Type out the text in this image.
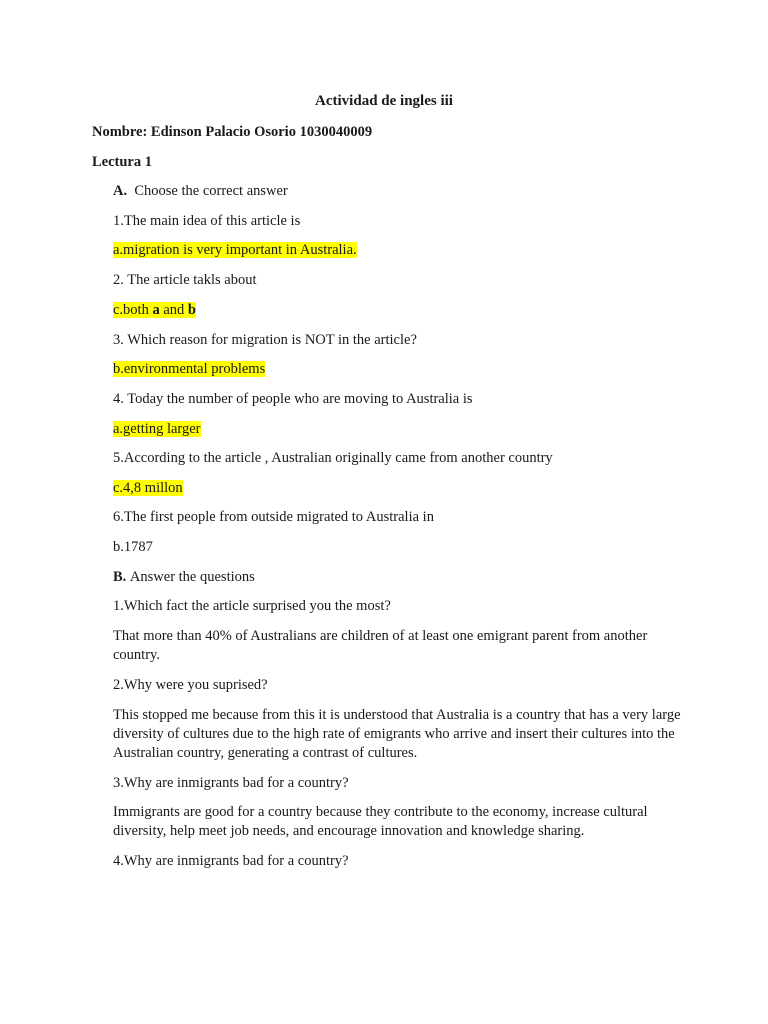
Actividad de ingles iii
Nombre: Edinson Palacio Osorio 1030040009
Lectura 1
A. Choose the correct answer
1.The main idea of this article is
a.migration is very important in Australia.
2. The article takls about
c.both a and b
3. Which reason for migration is NOT in the article?
b.environmental problems
4. Today the number of people who are moving to Australia is
a.getting larger
5.According to the article , Australian originally came from another country
c.4,8 millon
6.The first people from outside migrated to Australia in
b.1787
B. Answer the questions
1.Which fact the article surprised you the most?
That more than 40% of Australians are children of at least one emigrant parent from another country.
2.Why were you suprised?
This stopped me because from this it is understood that Australia is a country that has a very large diversity of cultures due to the high rate of emigrants who arrive and insert their cultures into the Australian country, generating a contrast of cultures.
3.Why are inmigrants bad for a country?
Immigrants are good for a country because they contribute to the economy, increase cultural diversity, help meet job needs, and encourage innovation and knowledge sharing.
4.Why are inmigrants bad for a country?
